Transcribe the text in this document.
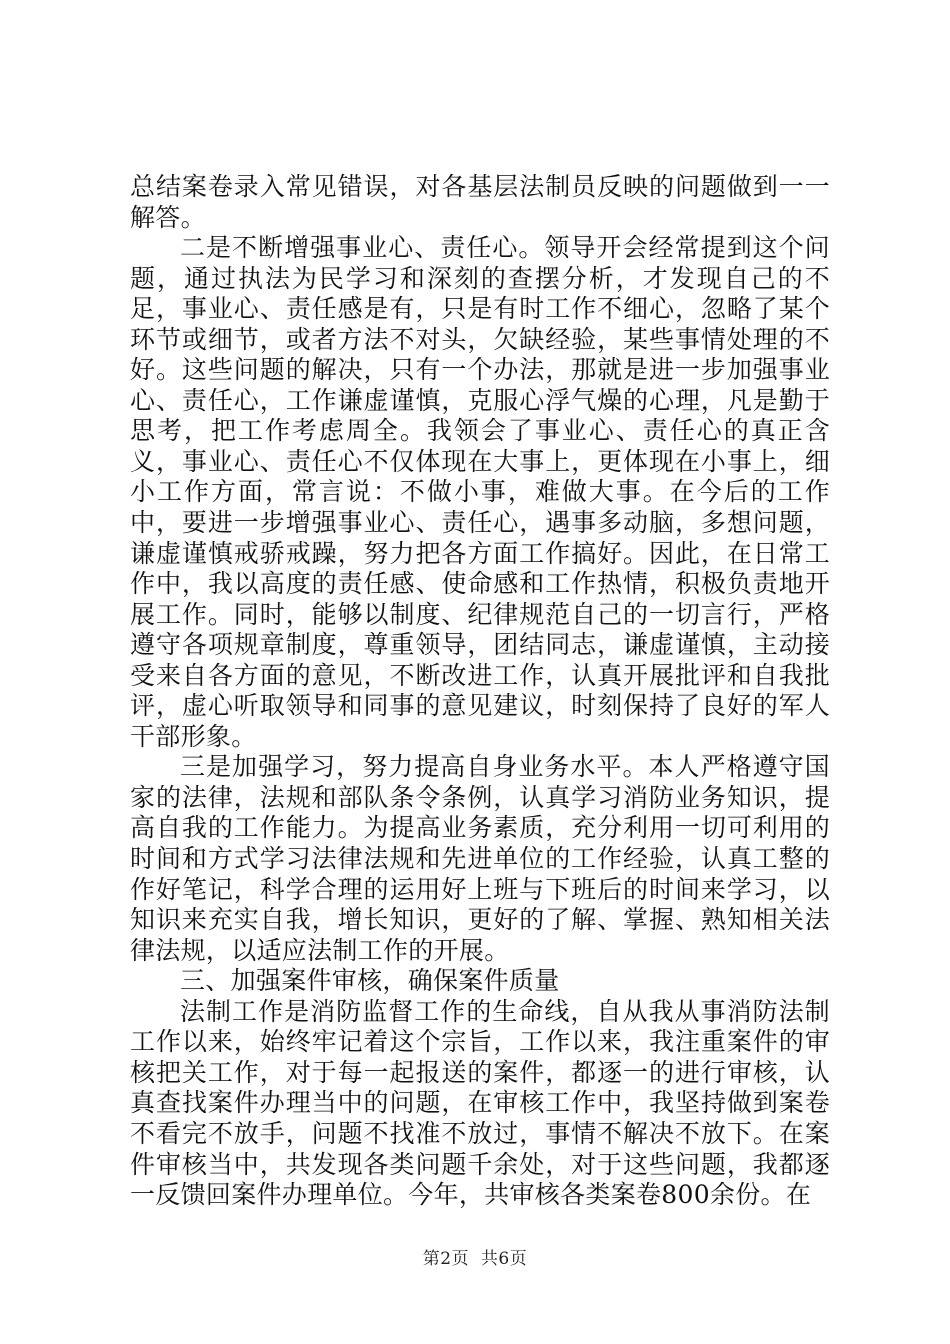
总结案卷录入常见错误，对各基层法制员反映的问题做到一一解答。

二是不断增强事业心、责任心。领导开会经常提到这个问题，通过执法为民学习和深刻的查摆分析，才发现自己的不足，事业心、责任感是有，只是有时工作不细心，忽略了某个环节或细节，或者方法不对头，欠缺经验，某些事情处理的不好。这些问题的解决，只有一个办法，那就是进一步加强事业心、责任心，工作谦虚谨慎，克服心浮气燥的心理，凡是勤于思考，把工作考虑周全。我领会了事业心、责任心的真正含义，事业心、责任心不仅体现在大事上，更体现在小事上，细小工作方面，常言说：不做小事，难做大事。在今后的工作中，要进一步增强事业心、责任心，遇事多动脑，多想问题，谦虚谨慎戒骄戒躁，努力把各方面工作搞好。因此，在日常工作中，我以高度的责任感、使命感和工作热情，积极负责地开展工作。同时，能够以制度、纪律规范自己的一切言行，严格遵守各项规章制度，尊重领导，团结同志，谦虚谨慎，主动接受来自各方面的意见，不断改进工作，认真开展批评和自我批评，虚心听取领导和同事的意见建议，时刻保持了良好的军人干部形象。

三是加强学习，努力提高自身业务水平。本人严格遵守国家的法律，法规和部队条令条例，认真学习消防业务知识，提高自我的工作能力。为提高业务素质，充分利用一切可利用的时间和方式学习法律法规和先进单位的工作经验，认真工整的作好笔记，科学合理的运用好上班与下班后的时间来学习，以知识来充实自我，增长知识，更好的了解、掌握、熟知相关法律法规，以适应法制工作的开展。

三、加强案件审核，确保案件质量

法制工作是消防监督工作的生命线，自从我从事消防法制工作以来，始终牢记着这个宗旨，工作以来，我注重案件的审核把关工作，对于每一起报送的案件，都逐一的进行审核，认真查找案件办理当中的问题，在审核工作中，我坚持做到案卷不看完不放手，问题不找准不放过，事情不解决不放下。在案件审核当中，共发现各类问题千余处，对于这些问题，我都逐一反馈回案件办理单位。今年，共审核各类案卷800余份。在

第2页  共6页
